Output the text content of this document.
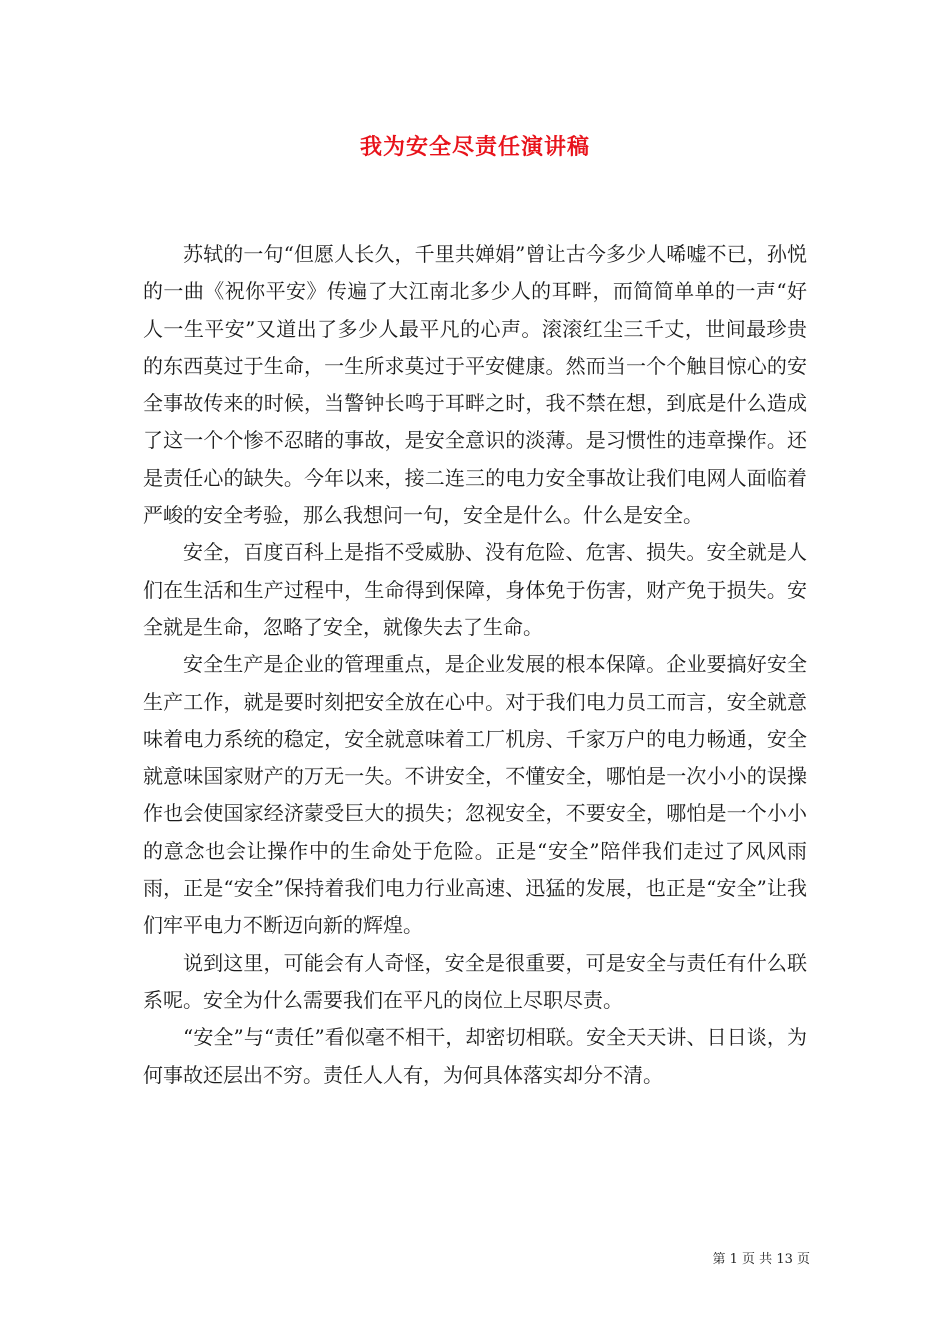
我为安全尽责任演讲稿

苏轼的一句“但愿人长久，千里共婵娟”曾让古今多少人唏嘘不已，孙悦的一曲《祝你平安》传遍了大江南北多少人的耳畔，而简简单单的一声“好人一生平安”又道出了多少人最平凡的心声。滚滚红尘三千丈，世间最珍贵的东西莫过于生命，一生所求莫过于平安健康。然而当一个个触目惊心的安全事故传来的时候，当警钟长鸣于耳畔之时，我不禁在想，到底是什么造成了这一个个惨不忍睹的事故，是安全意识的淡薄。是习惯性的违章操作。还是责任心的缺失。今年以来，接二连三的电力安全事故让我们电网人面临着严峻的安全考验，那么我想问一句，安全是什么。什么是安全。

安全，百度百科上是指不受威胁、没有危险、危害、损失。安全就是人们在生活和生产过程中，生命得到保障，身体免于伤害，财产免于损失。安全就是生命，忽略了安全，就像失去了生命。

安全生产是企业的管理重点，是企业发展的根本保障。企业要搞好安全生产工作，就是要时刻把安全放在心中。对于我们电力员工而言，安全就意味着电力系统的稳定，安全就意味着工厂机房、千家万户的电力畅通，安全就意味国家财产的万无一失。不讲安全，不懂安全，哪怕是一次小小的误操作也会使国家经济蒙受巨大的损失；忽视安全，不要安全，哪怕是一个小小的意念也会让操作中的生命处于危险。正是“安全”陪伴我们走过了风风雨雨，正是“安全”保持着我们电力行业高速、迅猛的发展，也正是“安全”让我们牢平电力不断迈向新的辉煌。

说到这里，可能会有人奇怪，安全是很重要，可是安全与责任有什么联系呢。安全为什么需要我们在平凡的岗位上尽职尽责。

“安全”与“责任”看似毫不相干，却密切相联。安全天天讲、日日谈，为何事故还层出不穷。责任人人有，为何具体落实却分不清。

第 1 页 共 13 页
